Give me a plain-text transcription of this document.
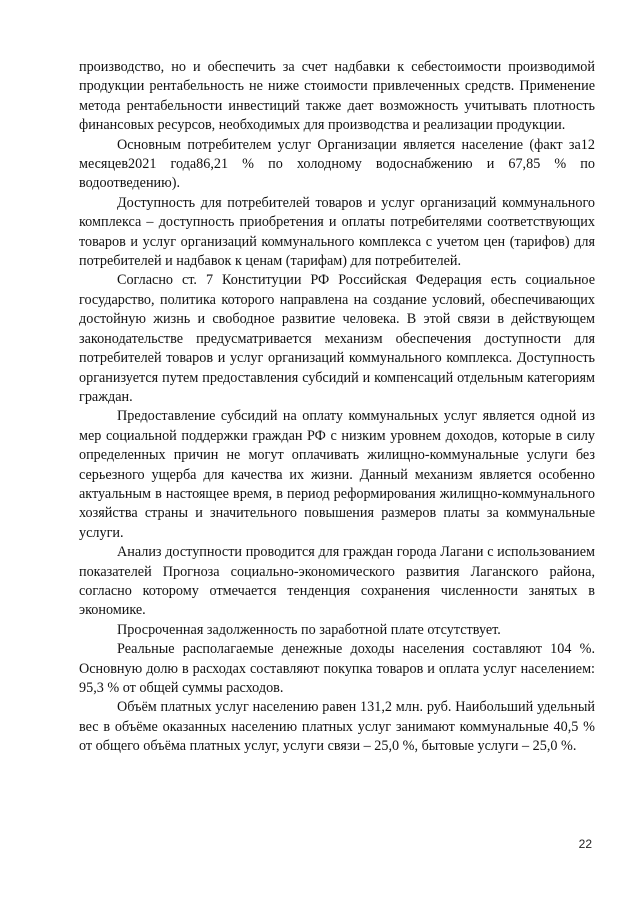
производство, но и обеспечить за счет надбавки к себестоимости производимой продукции рентабельность не ниже стоимости привлеченных средств. Применение метода рентабельности инвестиций также дает возможность учитывать плотность финансовых ресурсов, необходимых для производства и реализации продукции.

Основным потребителем услуг Организации является население (факт за12 месяцев2021 года86,21 % по холодному водоснабжению и 67,85 % по водоотведению).

Доступность для потребителей товаров и услуг организаций коммунального комплекса – доступность приобретения и оплаты потребителями соответствующих товаров и услуг организаций коммунального комплекса с учетом цен (тарифов) для потребителей и надбавок к ценам (тарифам) для потребителей.

Согласно ст. 7 Конституции РФ Российская Федерация есть социальное государство, политика которого направлена на создание условий, обеспечивающих достойную жизнь и свободное развитие человека. В этой связи в действующем законодательстве предусматривается механизм обеспечения доступности для потребителей товаров и услуг организаций коммунального комплекса. Доступность организуется путем предоставления субсидий и компенсаций отдельным категориям граждан.

Предоставление субсидий на оплату коммунальных услуг является одной из мер социальной поддержки граждан РФ с низким уровнем доходов, которые в силу определенных причин не могут оплачивать жилищно-коммунальные услуги без серьезного ущерба для качества их жизни. Данный механизм является особенно актуальным в настоящее время, в период реформирования жилищно-коммунального хозяйства страны и значительного повышения размеров платы за коммунальные услуги.

Анализ доступности проводится для граждан города Лагани с использованием показателей Прогноза социально-экономического развития Лаганского района, согласно которому отмечается тенденция сохранения численности занятых в экономике.

Просроченная задолженность по заработной плате отсутствует.

Реальные располагаемые денежные доходы населения составляют 104 %. Основную долю в расходах составляют покупка товаров и оплата услуг населением: 95,3 % от общей суммы расходов.

Объём платных услуг населению равен 131,2 млн. руб. Наибольший удельный вес в объёме оказанных населению платных услуг занимают коммунальные 40,5 % от общего объёма платных услуг, услуги связи – 25,0 %, бытовые услуги – 25,0 %.

22
